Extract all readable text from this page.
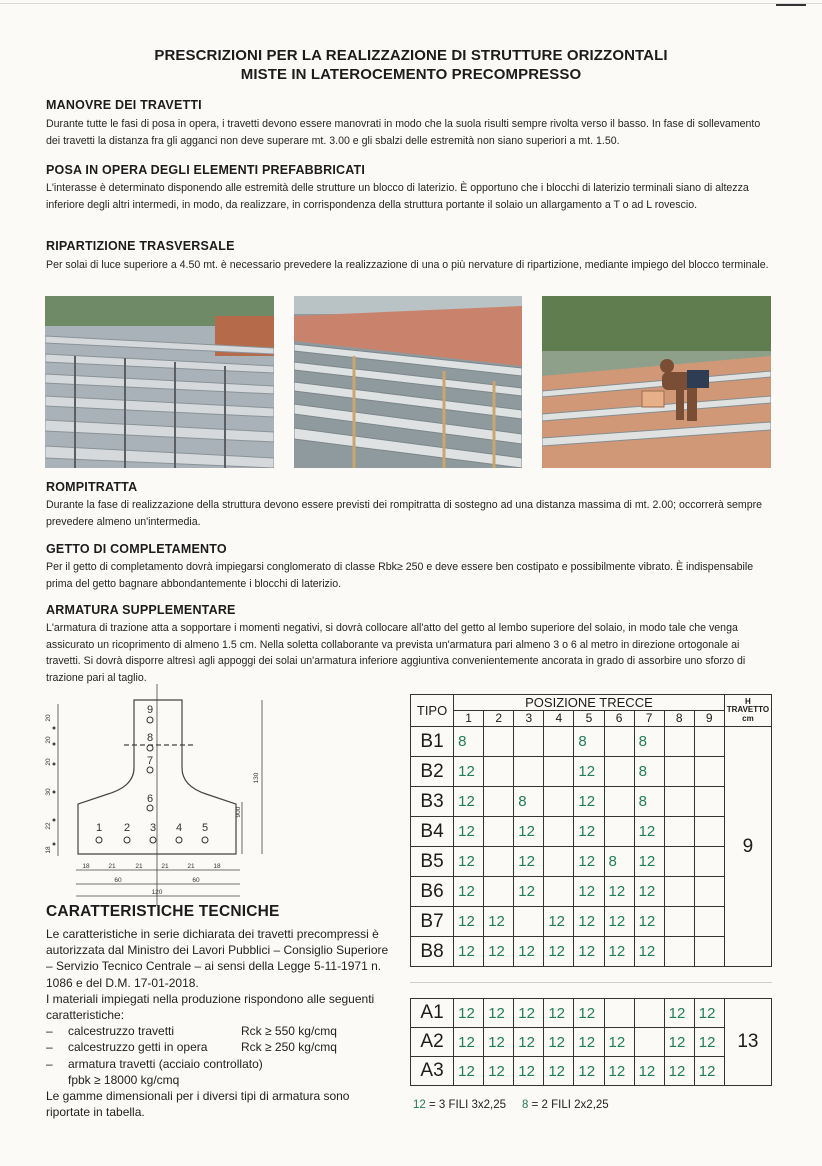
PRESCRIZIONI PER LA REALIZZAZIONE DI STRUTTURE ORIZZONTALI
MISTE IN LATEROCEMENTO PRECOMPRESSO
MANOVRE DEI TRAVETTI

Durante tutte le fasi di posa in opera, i travetti devono essere manovrati in modo che la suola risulti sempre rivolta verso il basso. In fase di sollevamento dei travetti la distanza fra gli agganci non deve superare mt. 3.00 e gli sbalzi delle estremità non siano superiori a mt. 1.50.

POSA IN OPERA DEGLI ELEMENTI PREFABBRICATI

L'interasse è determinato disponendo alle estremità delle strutture un blocco di laterizio. È opportuno che i blocchi di laterizio terminali siano di altezza inferiore degli altri intermedi, in modo, da realizzare, in corrispondenza della struttura portante il solaio un allargamento a T o ad L rovescio.

RIPARTIZIONE TRASVERSALE

Per solai di luce superiore a 4.50 mt. è necessario prevedere la realizzazione di una o più nervature di ripartizione, mediante impiego del blocco terminale.

ROMPITRATTA

Durante la fase di realizzazione della struttura devono essere previsti dei rompitratta di sostegno ad una distanza massima di mt. 2.00; occorrerà sempre prevedere almeno un'intermedia.

GETTO DI COMPLETAMENTO

Per il getto di completamento dovrà impiegarsi conglomerato di classe Rbk≥ 250 e deve essere ben costipato e possibilmente vibrato. È indispensabile prima del getto bagnare abbondantemente i blocchi di laterizio.

ARMATURA SUPPLEMENTARE

L'armatura di trazione atta a sopportare i momenti negativi, si dovrà collocare all'atto del getto al lembo superiore del solaio, in modo tale che venga assicurato un ricoprimento di almeno 1.5 cm. Nella soletta collaborante va prevista un'armatura pari almeno 3 o 6 al metro in direzione ortogonale ai travetti. Si dovrà disporre altresì agli appoggi dei solai un'armatura inferiore aggiuntiva convenientemente ancorata in grado di assorbire uno sforzo di trazione pari al taglio.

1 2 3 4 5
6
7
8
9
18	21	21	21	21	18
60	60
120
18
22
30
20
20
20
130
900
CARATTERISTICHE TECNICHE

Le caratteristiche in serie dichiarata dei travetti precompressi è autorizzata dal Ministro dei Lavori Pubblici – Consiglio Superiore – Servizio Tecnico Centrale – ai sensi della Legge 5-11-1971 n. 1086 e del D.M. 17-01-2018.

I materiali impiegati nella produzione rispondono alle seguenti caratteristiche:

–	calcestruzzo travetti	Rck ≥ 550 kg/cmq
–	calcestruzzo getti in opera	Rck ≥ 250 kg/cmq
–	armatura travetti (acciaio controllato)

fpbk ≥ 18000 kg/cmq

Le gamme dimensionali per i diversi tipi di armatura sono riportate in tabella.

TIPO	POSIZIONE TRECCE									H
TRAVETTO
cm

	1	2	3	4	5	6	7	8	9	
B1	8				8		8			9
B2	12				12		8			
B3	12		8		12		8			
B4	12		12		12		12			
B5	12		12		12	8	12			
B6	12		12		12	12	12			
B7	12	12		12	12	12	12			
B8	12	12	12	12	12	12	12			
A1	12	12	12	12	12			12	12	13
A2	12	12	12	12	12	12		12	12	
A3	12	12	12	12	12	12	12	12	12	
12 = 3 FILI 3x2,25 8 = 2 FILI 2x2,25
